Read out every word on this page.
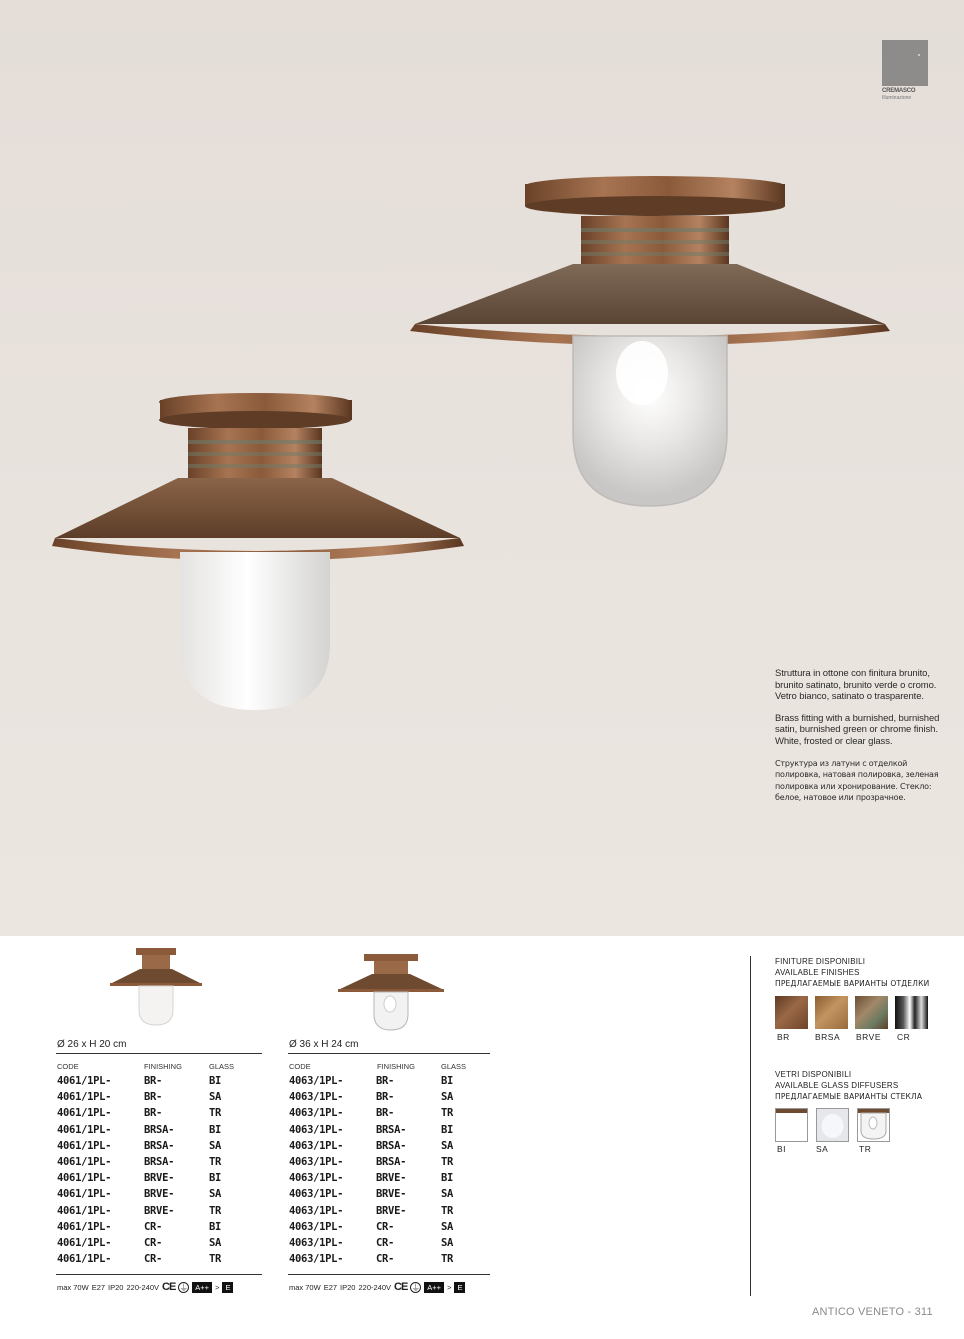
CREMASCO
Illuminazione

Struttura in ottone con finitura brunito, brunito satinato, brunito verde o cromo. Vetro bianco, satinato o trasparente.

Brass fitting with a burnished, burnished satin, burnished green or chrome finish. White, frosted or clear glass.

Структура из латуни с отделкой полировка, натовая полировка, зеленая полировка или хронирование. Стекло: белое, натовое или прозрачное.

Ø 26 x H 20 cm
CODE	FINISHING	GLASS
4061/1PL-	BR-	BI
4061/1PL-	BR-	SA
4061/1PL-	BR-	TR
4061/1PL-	BRSA-	BI
4061/1PL-	BRSA-	SA
4061/1PL-	BRSA-	TR
4061/1PL-	BRVE-	BI
4061/1PL-	BRVE-	SA
4061/1PL-	BRVE-	TR
4061/1PL-	CR-	BI
4061/1PL-	CR-	SA
4061/1PL-	CR-	TR
max 70W E27 IP20 220-240V CE ⏚	A++ > E
Ø 36 x H 24 cm
CODE	FINISHING	GLASS
4063/1PL-	BR-	BI
4063/1PL-	BR-	SA
4063/1PL-	BR-	TR
4063/1PL-	BRSA-	BI
4063/1PL-	BRSA-	SA
4063/1PL-	BRSA-	TR
4063/1PL-	BRVE-	BI
4063/1PL-	BRVE-	SA
4063/1PL-	BRVE-	TR
4063/1PL-	CR-	SA
4063/1PL-	CR-	SA
4063/1PL-	CR-	TR
max 70W E27 IP20 220-240V CE ⏚	A++ > E
FINITURE DISPONIBILI
AVAILABLE FINISHES
ПРЕДЛАГАЕМЫЕ ВАРИАНТЫ ОТДЕЛКИ
BR	BRSA BRVE CR
VETRI DISPONIBILI
AVAILABLE GLASS DIFFUSERS
ПРЕДЛАГАЕМЫЕ ВАРИАНТЫ СТЕКЛА
BI	SA	TR
ANTICO VENETO - 311
